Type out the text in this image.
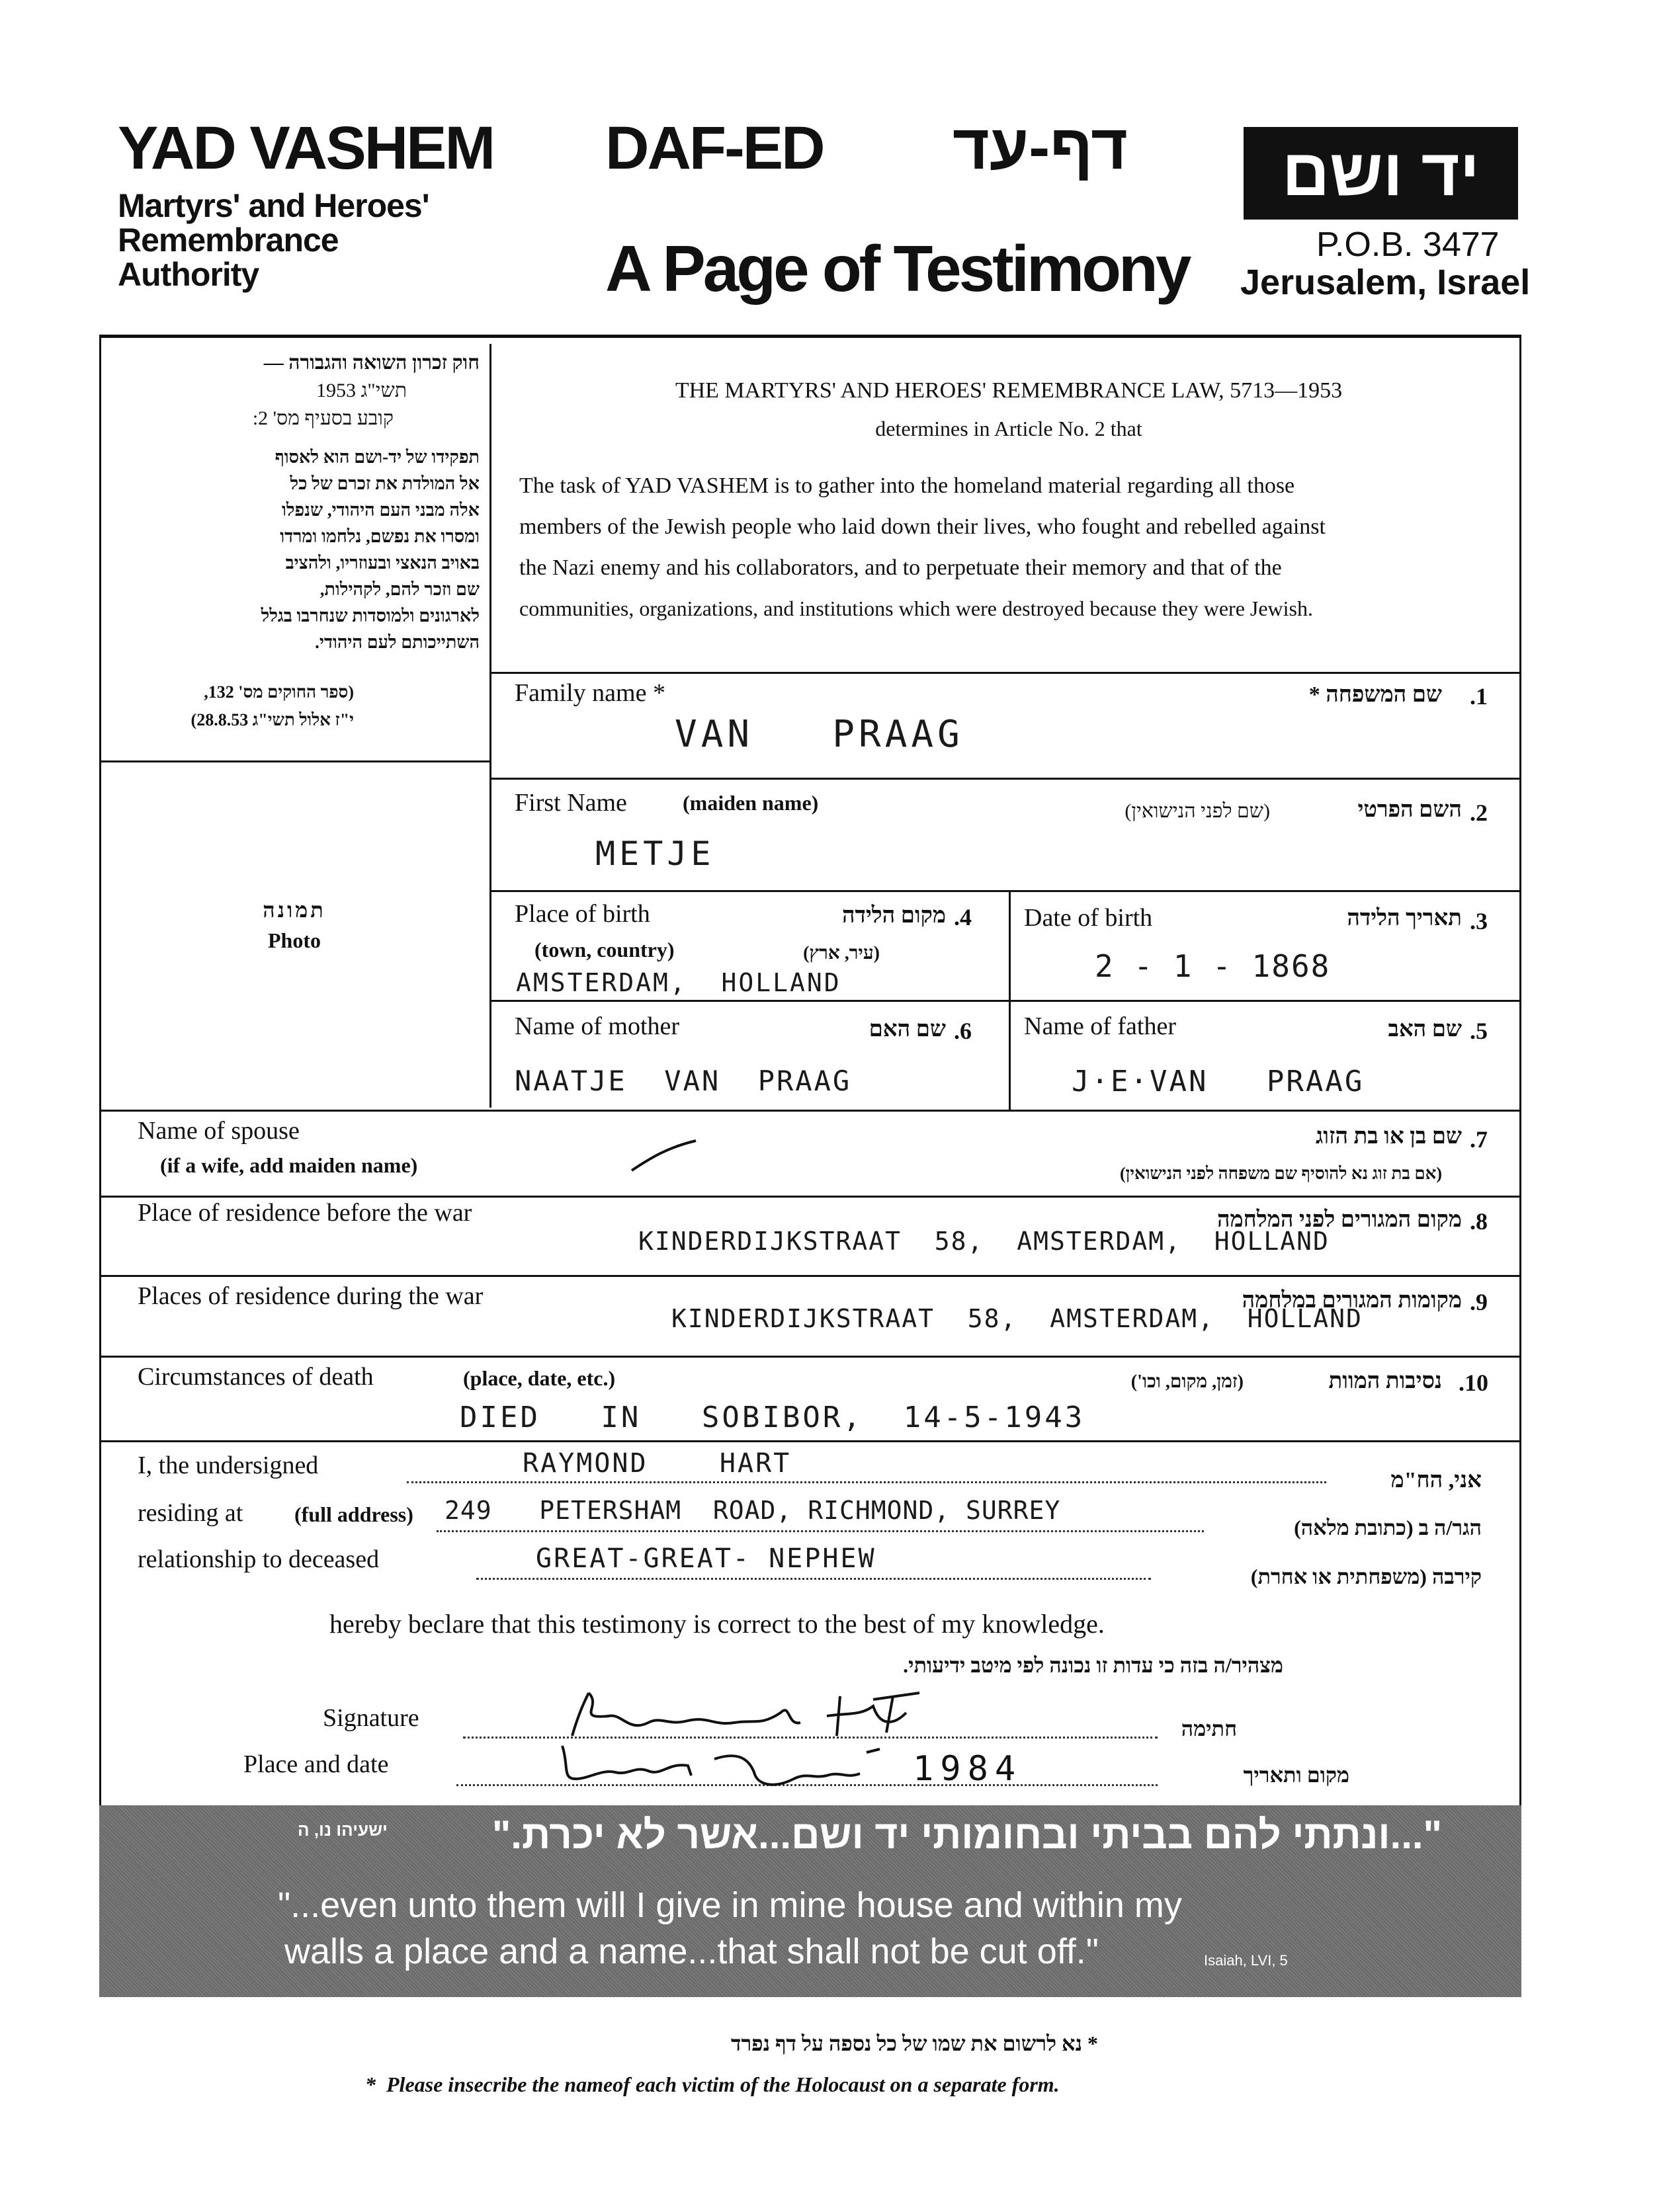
YAD VASHEM
Martyrs' and Heroes'
Remembrance
Authority
DAF-ED דף-עד
A Page of Testimony
יד ושם
P.O.B. 3477
Jerusalem, Israel
חוק זכרון השואה והגבורה —
תשי"ג 1953
קובע בסעיף מס' 2:
תפקידו של יד-ושם הוא לאסוף
אל המולדת את זכרם של כל
אלה מבני העם היהודי, שנפלו
ומסרו את נפשם, נלחמו ומרדו
באויב הנאצי ובעוזריו, ולהציב
שם וזכר להם, לקהילות,
לארגונים ולמוסדות שנחרבו בגלל
השתייכותם לעם היהודי.
(ספר החוקים מס' 132,
י"ז אלול תשי"ג 28.8.53)
תמונה
Photo
THE MARTYRS' AND HEROES' REMEMBRANCE LAW, 5713—1953
determines in Article No. 2 that
The task of YAD VASHEM is to gather into the homeland material regarding all those
members of the Jewish people who laid down their lives, who fought and rebelled against
the Nazi enemy and his collaborators, and to perpetuate their memory and that of the
communities, organizations, and institutions which were destroyed because they were Jewish.
Family name *	שם המשפחה * .1
VAN   PRAAG
First Name	(maiden name)	(שם לפני הנישואין)	השם הפרטי .2
METJE
Place of birth	מקום הלידה .4
(town, country)	(עיר, ארץ)
AMSTERDAM,  HOLLAND
Date of birth	תאריך הלידה .3
2 - 1 - 1868
Name of mother	שם האם .6
NAATJE  VAN  PRAAG
Name of father	שם האב .5
J·E·VAN   PRAAG
Name of spouse
(if a wife, add maiden name)
שם בן או בת הזוג
(אם בת זוג נא להוסיף שם משפחה לפני הנישואין)
.7
Place of residence before the war	מקום המגורים לפני המלחמה .8
KINDERDIJKSTRAAT  58,  AMSTERDAM,  HOLLAND
Places of residence during the war	מקומות המגורים במלחמה .9
KINDERDIJKSTRAAT  58,  AMSTERDAM,  HOLLAND
Circumstances of death	(place, date, etc.)	נסיבות המוות
(זמן, מקום, וכו')	.10
DIED   IN   SOBIBOR,  14-5-1943
I, the undersigned	RAYMOND    HART
אני, הח"מ
residing at (full address) 249   PETERSHAM  ROAD, RICHMOND, SURREY
הגר/ה ב (כתובת מלאה)
relationship to deceased	GREAT-GREAT- NEPHEW
קירבה (משפחתית או אחרת)
hereby beclare that this testimony is correct to the best of my knowledge.
מצהיר/ה בזה כי עדות זו נכונה לפי מיטב ידיעותי.
Signature	חתימה
Place and date	1984	מקום ותאריך
ישעיהו נו, ה	"...ונתתי להם בביתי ובחומותי יד ושם...אשר לא יכרת."
"...even unto them will I give in mine house and within my
walls a place and a name...that shall not be cut off."	Isaiah, LVI, 5
* נא לרשום את שמו של כל נספה על דף נפרד
*  Please insecribe the nameof each victim of the Holocaust on a separate form.
